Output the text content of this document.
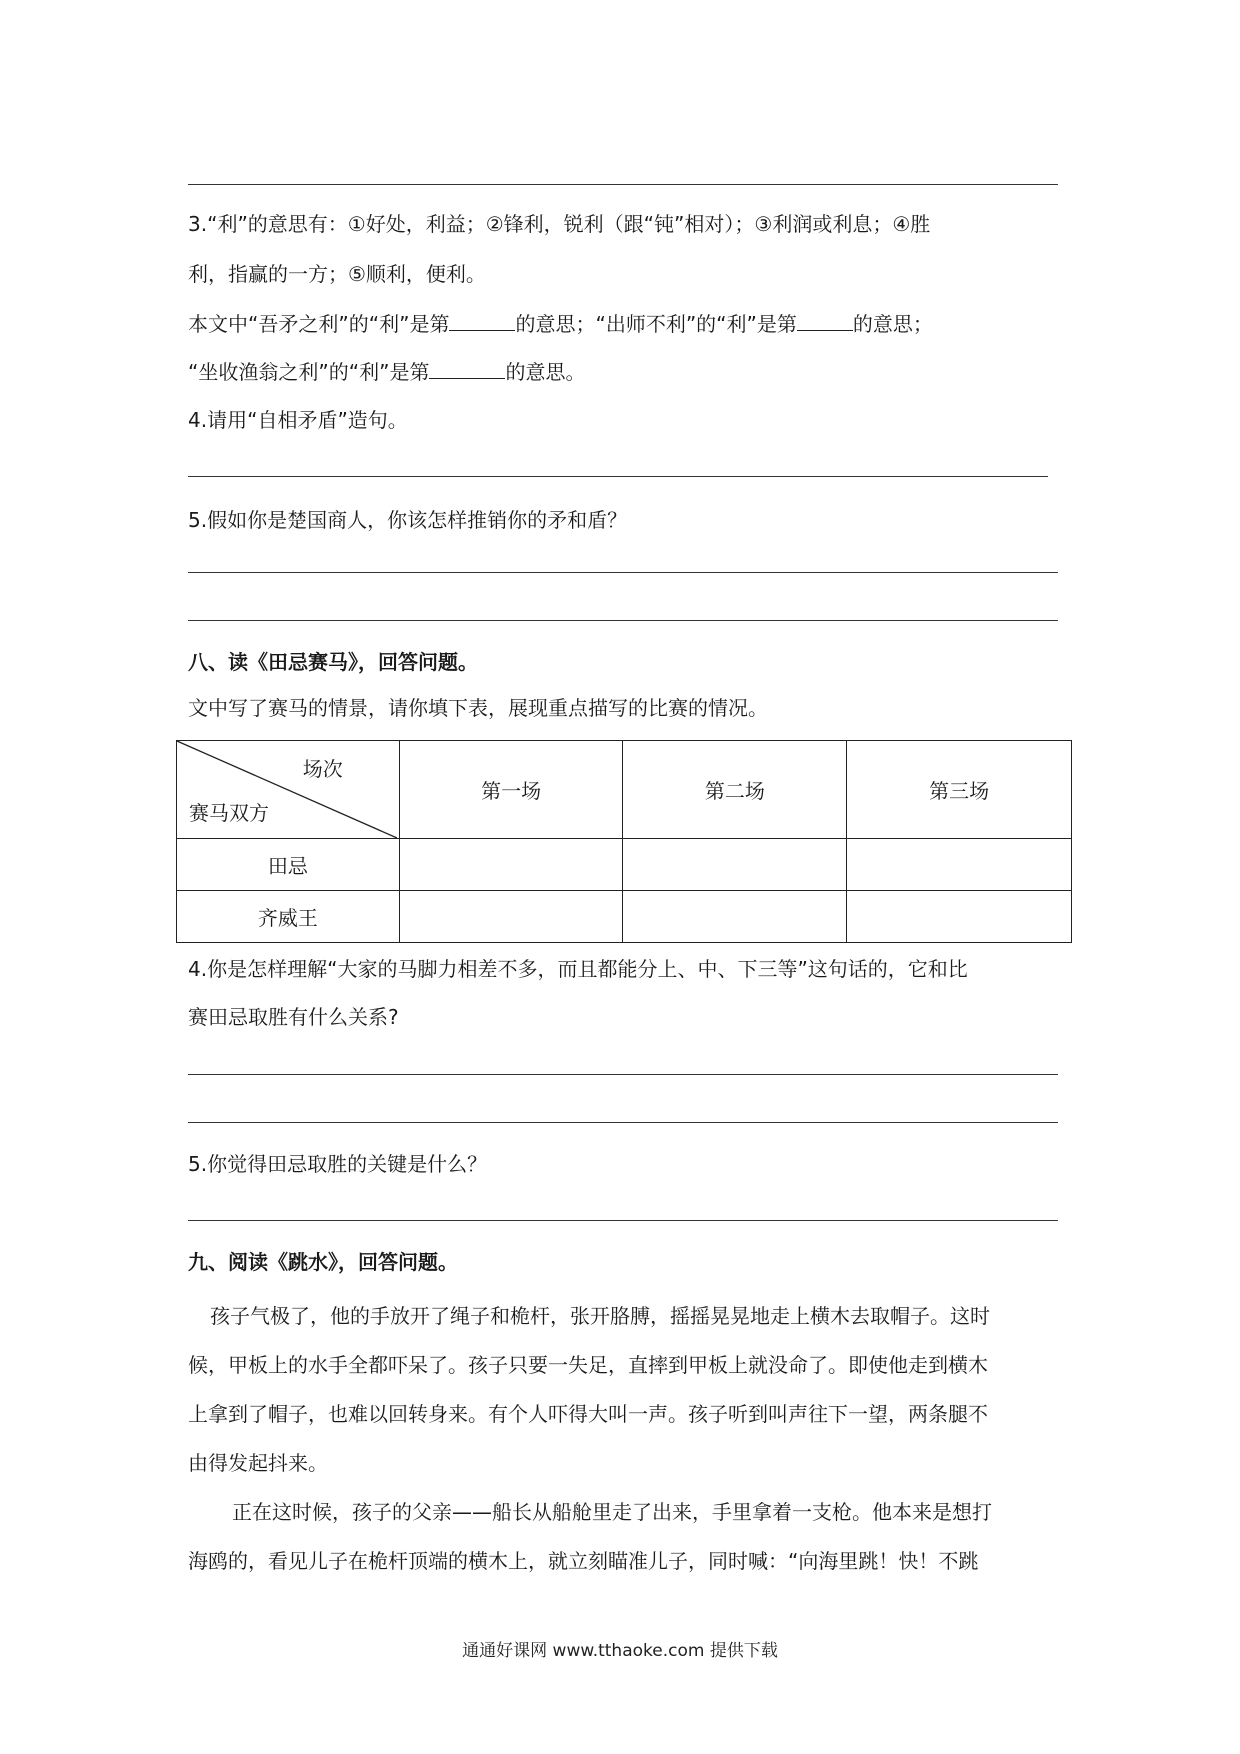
3.“利”的意思有：①好处，利益；②锋利，锐利（跟“钝”相对）；③利润或利息；④胜
利，指赢的一方；⑤顺利，便利。
本文中“吾矛之利”的“利”是第	的意思；“出师不利”的“利”是第	的意思；
“坐收渔翁之利”的“利”是第	的意思。
4.请用“自相矛盾”造句。
5.假如你是楚国商人，你该怎样推销你的矛和盾？
八、读《田忌赛马》，回答问题。
文中写了赛马的情景，请你填下表，展现重点描写的比赛的情况。
场次
赛马双方	第一场	第二场	第三场
田忌			
齐威王			
4.你是怎样理解“大家的马脚力相差不多，而且都能分上、中、下三等”这句话的，它和比
赛田忌取胜有什么关系?
5.你觉得田忌取胜的关键是什么？
九、阅读《跳水》，回答问题。
孩子气极了，他的手放开了绳子和桅杆，张开胳膊，摇摇晃晃地走上横木去取帽子。这时
候，甲板上的水手全都吓呆了。孩子只要一失足，直摔到甲板上就没命了。即使他走到横木
上拿到了帽子，也难以回转身来。有个人吓得大叫一声。孩子听到叫声往下一望，两条腿不
由得发起抖来。
正在这时候，孩子的父亲——船长从船舱里走了出来，手里拿着一支枪。他本来是想打
海鸥的，看见儿子在桅杆顶端的横木上，就立刻瞄准儿子，同时喊：“向海里跳！快！不跳
通通好课网 www.tthaoke.com 提供下载
